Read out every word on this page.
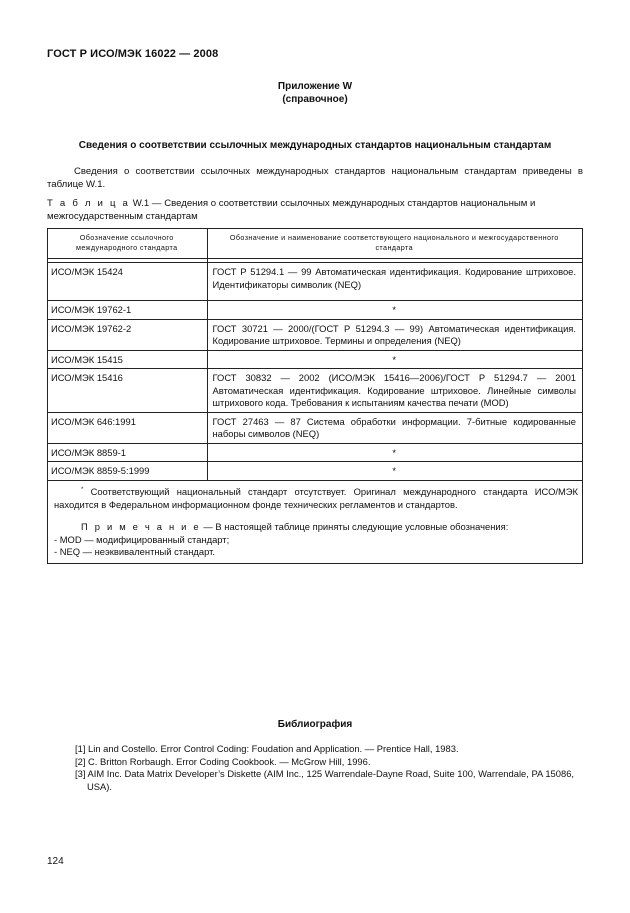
ГОСТ Р ИСО/МЭК 16022 — 2008
Приложение W
(справочное)
Сведения о соответствии ссылочных международных стандартов национальным стандартам
Сведения о соответствии ссылочных международных стандартов национальным стандартам приведены в таблице W.1.
Т а б л и ц а W.1 — Сведения о соответствии ссылочных международных стандартов национальным и межгосударственным стандартам
Обозначение ссылочного международного стандарта	Обозначение и наименование соответствующего национального и межгосударственного стандарта

ИСО/МЭК 15424	ГОСТ Р 51294.1 — 99 Автоматическая идентификация. Кодирование штриховое. Идентификаторы символик (NEQ)
ИСО/МЭК 19762-1	*
ИСО/МЭК 19762-2	ГОСТ 30721 — 2000/(ГОСТ Р 51294.3 — 99) Автоматическая идентификация. Кодирование штриховое. Термины и определения (NEQ)
ИСО/МЭК 15415	*
ИСО/МЭК 15416	ГОСТ 30832 — 2002 (ИСО/МЭК 15416—2006)/ГОСТ Р 51294.7 — 2001 Автоматическая идентификация. Кодирование штриховое. Линейные символы штрихового кода. Требования к испытаниям качества печати (MOD)
ИСО/МЭК 646:1991	ГОСТ 27463 — 87 Система обработки информации. 7-битные кодированные наборы символов (NEQ)
ИСО/МЭК 8859-1	*
ИСО/МЭК 8859-5:1999	*
* Соответствующий национальный стандарт отсутствует. Оригинал международного стандарта ИСО/МЭК находится в Федеральном информационном фонде технических регламентов и стандартов.
П р и м е ч а н и е — В настоящей таблице приняты следующие условные обозначения:
- MOD — модифицированный стандарт;
- NEQ — неэквивалентный стандарт.
Библиография
[1] Lin and Costello. Error Control Coding: Foudation and Application. — Prentice Hall, 1983.
[2] C. Britton Rorbaugh. Error Coding Cookbook. — McGrow Hill, 1996.
[3] AIM Inc. Data Matrix Developer’s Diskette (AIM Inc., 125 Warrendale-Dayne Road, Suite 100, Warrendale, PA 15086, USA).
124
